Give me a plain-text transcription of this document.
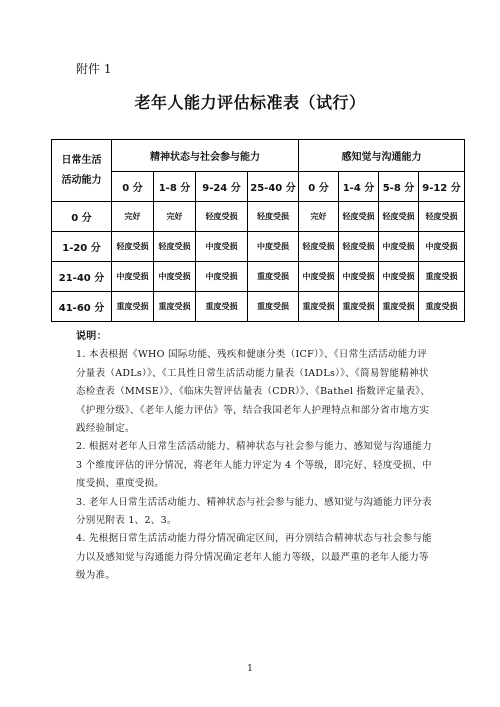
附件 1
老年人能力评估标准表（试行）
日常生活
活动能力	精神状态与社会参与能力				感知觉与沟通能力			
	0 分	1-8 分	9-24 分	25-40 分	0 分	1-4 分	5-8 分	9-12 分
0 分	完好	完好	轻度受损	轻度受损	完好	轻度受损	轻度受损	轻度受损
1-20 分	轻度受损	轻度受损	中度受损	中度受损	轻度受损	轻度受损	中度受损	中度受损
21-40 分	中度受损	中度受损	中度受损	重度受损	中度受损	中度受损	中度受损	重度受损
41-60 分	重度受损	重度受损	重度受损	重度受损	重度受损	重度受损	重度受损	重度受损

说明：

1. 本表根据《WHO 国际功能、残疾和健康分类（ICF）》、《日常生活活动能力评分量表（ADLs）》、《工具性日常生活活动能力量表（IADLs）》、《简易智能精神状态检查表（MMSE）》、《临床失智评估量表（CDR）》、《Bathel 指数评定量表》、《护理分级》、《老年人能力评估》等，结合我国老年人护理特点和部分省市地方实践经验制定。

2. 根据对老年人日常生活活动能力、精神状态与社会参与能力、感知觉与沟通能力 3 个维度评估的评分情况，将老年人能力评定为 4 个等级，即完好、轻度受损、中度受损、重度受损。

3. 老年人日常生活活动能力、精神状态与社会参与能力、感知觉与沟通能力评分表分别见附表 1、2、3。

4. 先根据日常生活活动能力得分情况确定区间，再分别结合精神状态与社会参与能力以及感知觉与沟通能力得分情况确定老年人能力等级，以最严重的老年人能力等级为准。

1
